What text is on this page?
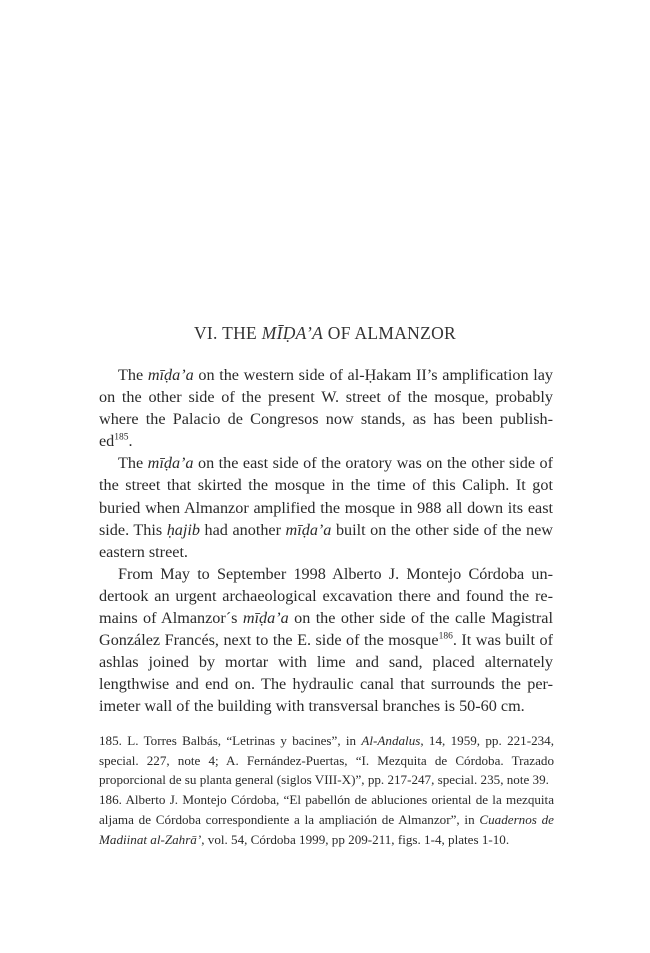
VI. THE MĪḌA’A OF ALMANZOR

The mīḍa’a on the western side of al-Ḥakam II’s amplification lay on the other side of the present W. street of the mosque, probably where the Palacio de Congresos now stands, as has been publish-$ed^{185}$.

The mīḍa’a on the east side of the oratory was on the other side of the street that skirted the mosque in the time of this Caliph. It got buried when Almanzor amplified the mosque in 988 all down its east side. This ḥajib had another mīḍa’a built on the other side of the new eastern street.

From May to September 1998 Alberto J. Montejo Córdoba un-dertook an urgent archaeological excavation there and found the re-mains of Almanzor´s mīḍa’a on the other side of the calle Magistral González Francés, next to the E. side of the mosque$^{186}$. It was built of ashlas joined by mortar with lime and sand, placed alternately lengthwise and end on. The hydraulic canal that surrounds the per-imeter wall of the building with transversal branches is 50-60 cm.

185. L. Torres Balbás, “Letrinas y bacines”, in Al-Andalus, 14, 1959, pp. 221-234, special. 227, note 4; A. Fernández-Puertas, “I. Mezquita de Córdoba. Trazado proporcional de su planta general (siglos VIII-X)”, pp. 217-247, special. 235, note 39.

186. Alberto J. Montejo Córdoba, “El pabellón de abluciones oriental de la mezquita aljama de Córdoba correspondiente a la ampliación de Almanzor”, in Cuadernos de Madiinat al-Zahrā’, vol. 54, Córdoba 1999, pp 209-211, figs. 1-4, plates 1-10.
